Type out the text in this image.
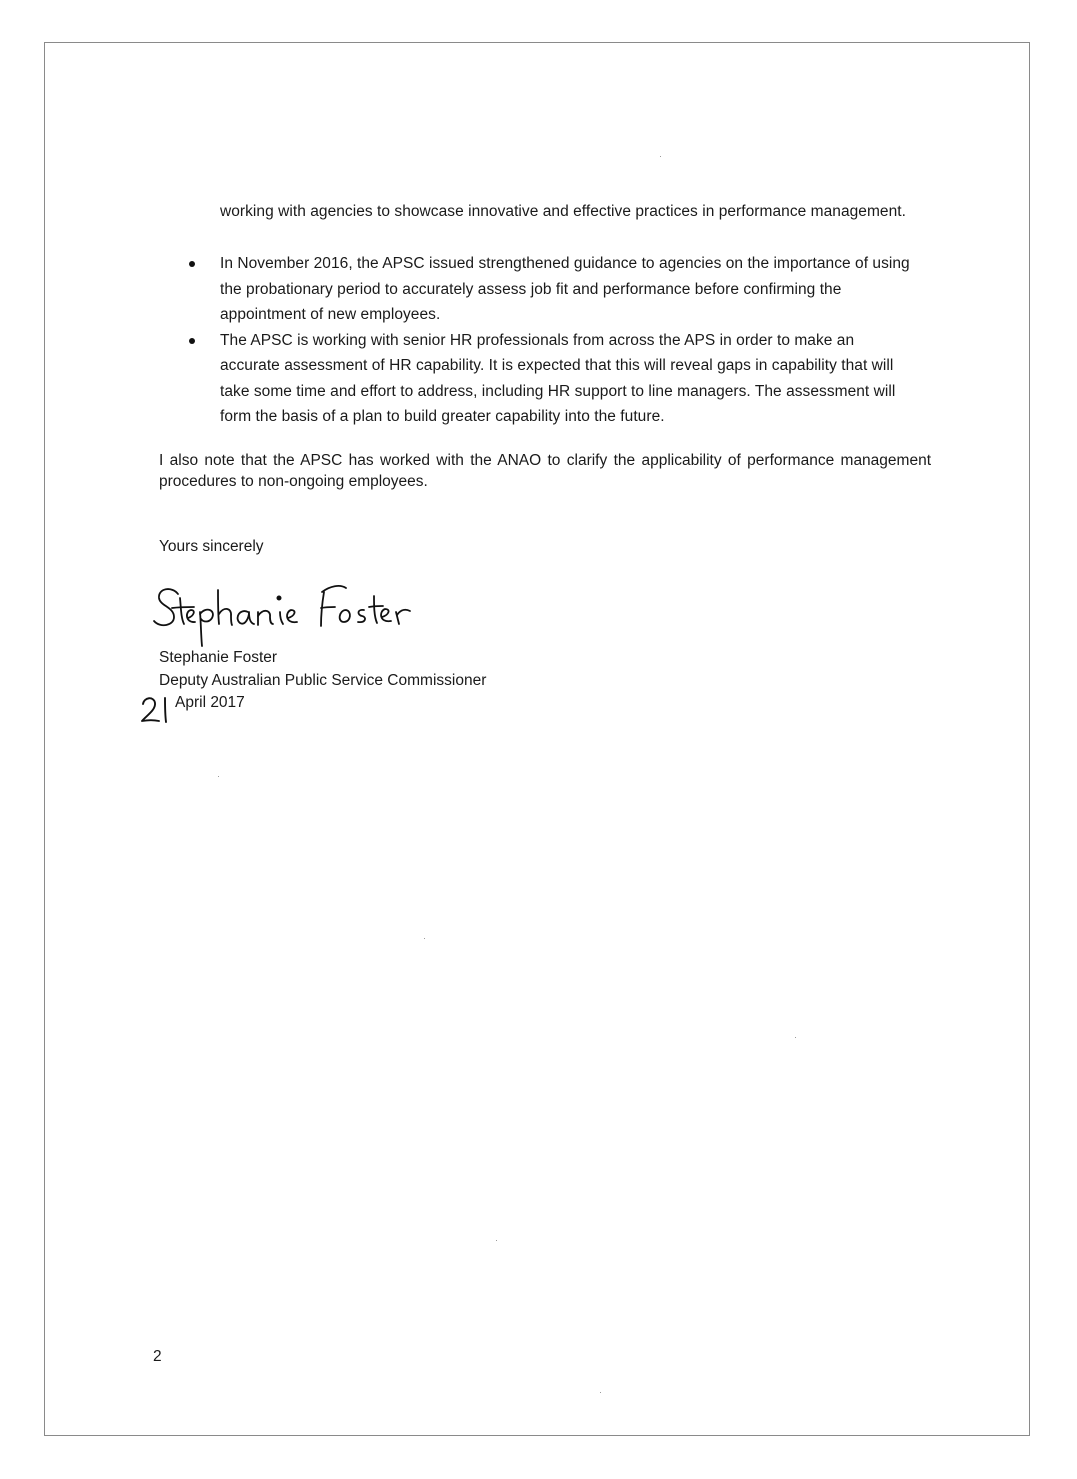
working with agencies to showcase innovative and effective practices in performance management.
In November 2016, the APSC issued strengthened guidance to agencies on the importance of using the probationary period to accurately assess job fit and performance before confirming the appointment of new employees.
The APSC is working with senior HR professionals from across the APS in order to make an accurate assessment of HR capability. It is expected that this will reveal gaps in capability that will take some time and effort to address, including HR support to line managers. The assessment will form the basis of a plan to build greater capability into the future.
I also note that the APSC has worked with the ANAO to clarify the applicability of performance management procedures to non-ongoing employees.
Yours sincerely
Stephanie Foster
Deputy Australian Public Service Commissioner
April 2017
2
